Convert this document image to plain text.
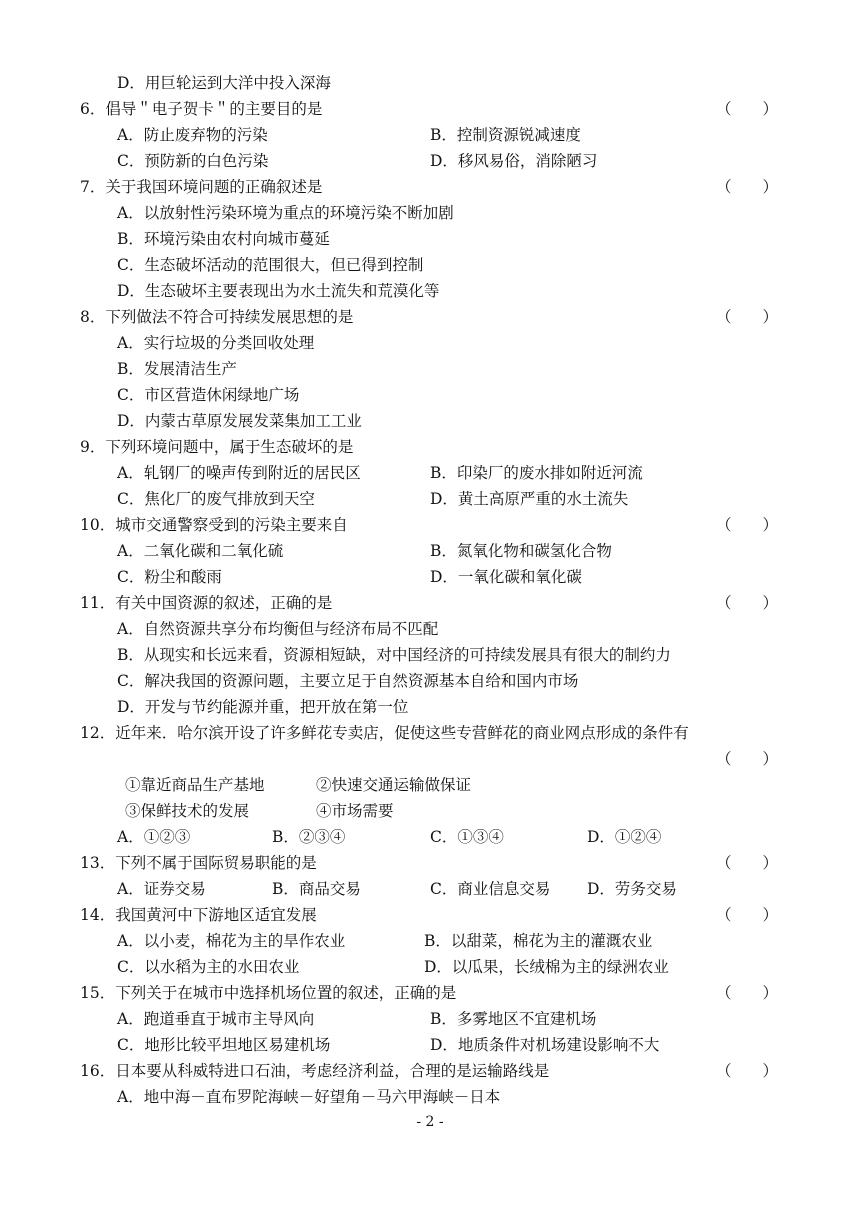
D．用巨轮运到大洋中投入深海
6．倡导＂电子贺卡＂的主要目的是	（　　）
A．防止废弃物的污染	B．控制资源锐减速度
C．预防新的白色污染	D．移风易俗，消除陋习
7．关于我国环境问题的正确叙述是	（　　）
A．以放射性污染环境为重点的环境污染不断加剧
B．环境污染由农村向城市蔓延
C．生态破坏活动的范围很大，但已得到控制
D．生态破坏主要表现出为水土流失和荒漠化等
8．下列做法不符合可持续发展思想的是	（　　）
A．实行垃圾的分类回收处理
B．发展清洁生产
C．市区营造休闲绿地广场
D．内蒙古草原发展发菜集加工工业
9．下列环境问题中，属于生态破坏的是
A．轧钢厂的噪声传到附近的居民区	B．印染厂的废水排如附近河流
C．焦化厂的废气排放到天空	D．黄土高原严重的水土流失
10．城市交通警察受到的污染主要来自	（　　）
A．二氧化碳和二氧化硫	B．氮氧化物和碳氢化合物
C．粉尘和酸雨	D．一氧化碳和氧化碳
11．有关中国资源的叙述，正确的是	（　　）
A．自然资源共享分布均衡但与经济布局不匹配
B．从现实和长远来看，资源相短缺，对中国经济的可持续发展具有很大的制约力
C．解决我国的资源问题，主要立足于自然资源基本自给和国内市场
D．开发与节约能源并重，把开放在第一位
12．近年来．哈尔滨开设了许多鲜花专卖店，促使这些专营鲜花的商业网点形成的条件有
（　　）
①靠近商品生产基地	②快速交通运输做保证
③保鲜技术的发展	④市场需要
A．①②③	B．②③④	C．①③④	D．①②④
13．下列不属于国际贸易职能的是	（　　）
A．证券交易	B．商品交易	C．商业信息交易 D．劳务交易
14．我国黄河中下游地区适宜发展	（　　）
A．以小麦，棉花为主的旱作农业	B．以甜菜，棉花为主的灌溉农业
C．以水稻为主的水田农业	D．以瓜果，长绒棉为主的绿洲农业
15．下列关于在城市中选择机场位置的叙述，正确的是	（　　）
A．跑道垂直于城市主导风向	B．多雾地区不宜建机场
C．地形比较平坦地区易建机场	D．地质条件对机场建设影响不大
16．日本要从科威特进口石油，考虑经济利益，合理的是运输路线是	（　　）
A．地中海－直布罗陀海峡－好望角－马六甲海峡－日本
- 2 -
